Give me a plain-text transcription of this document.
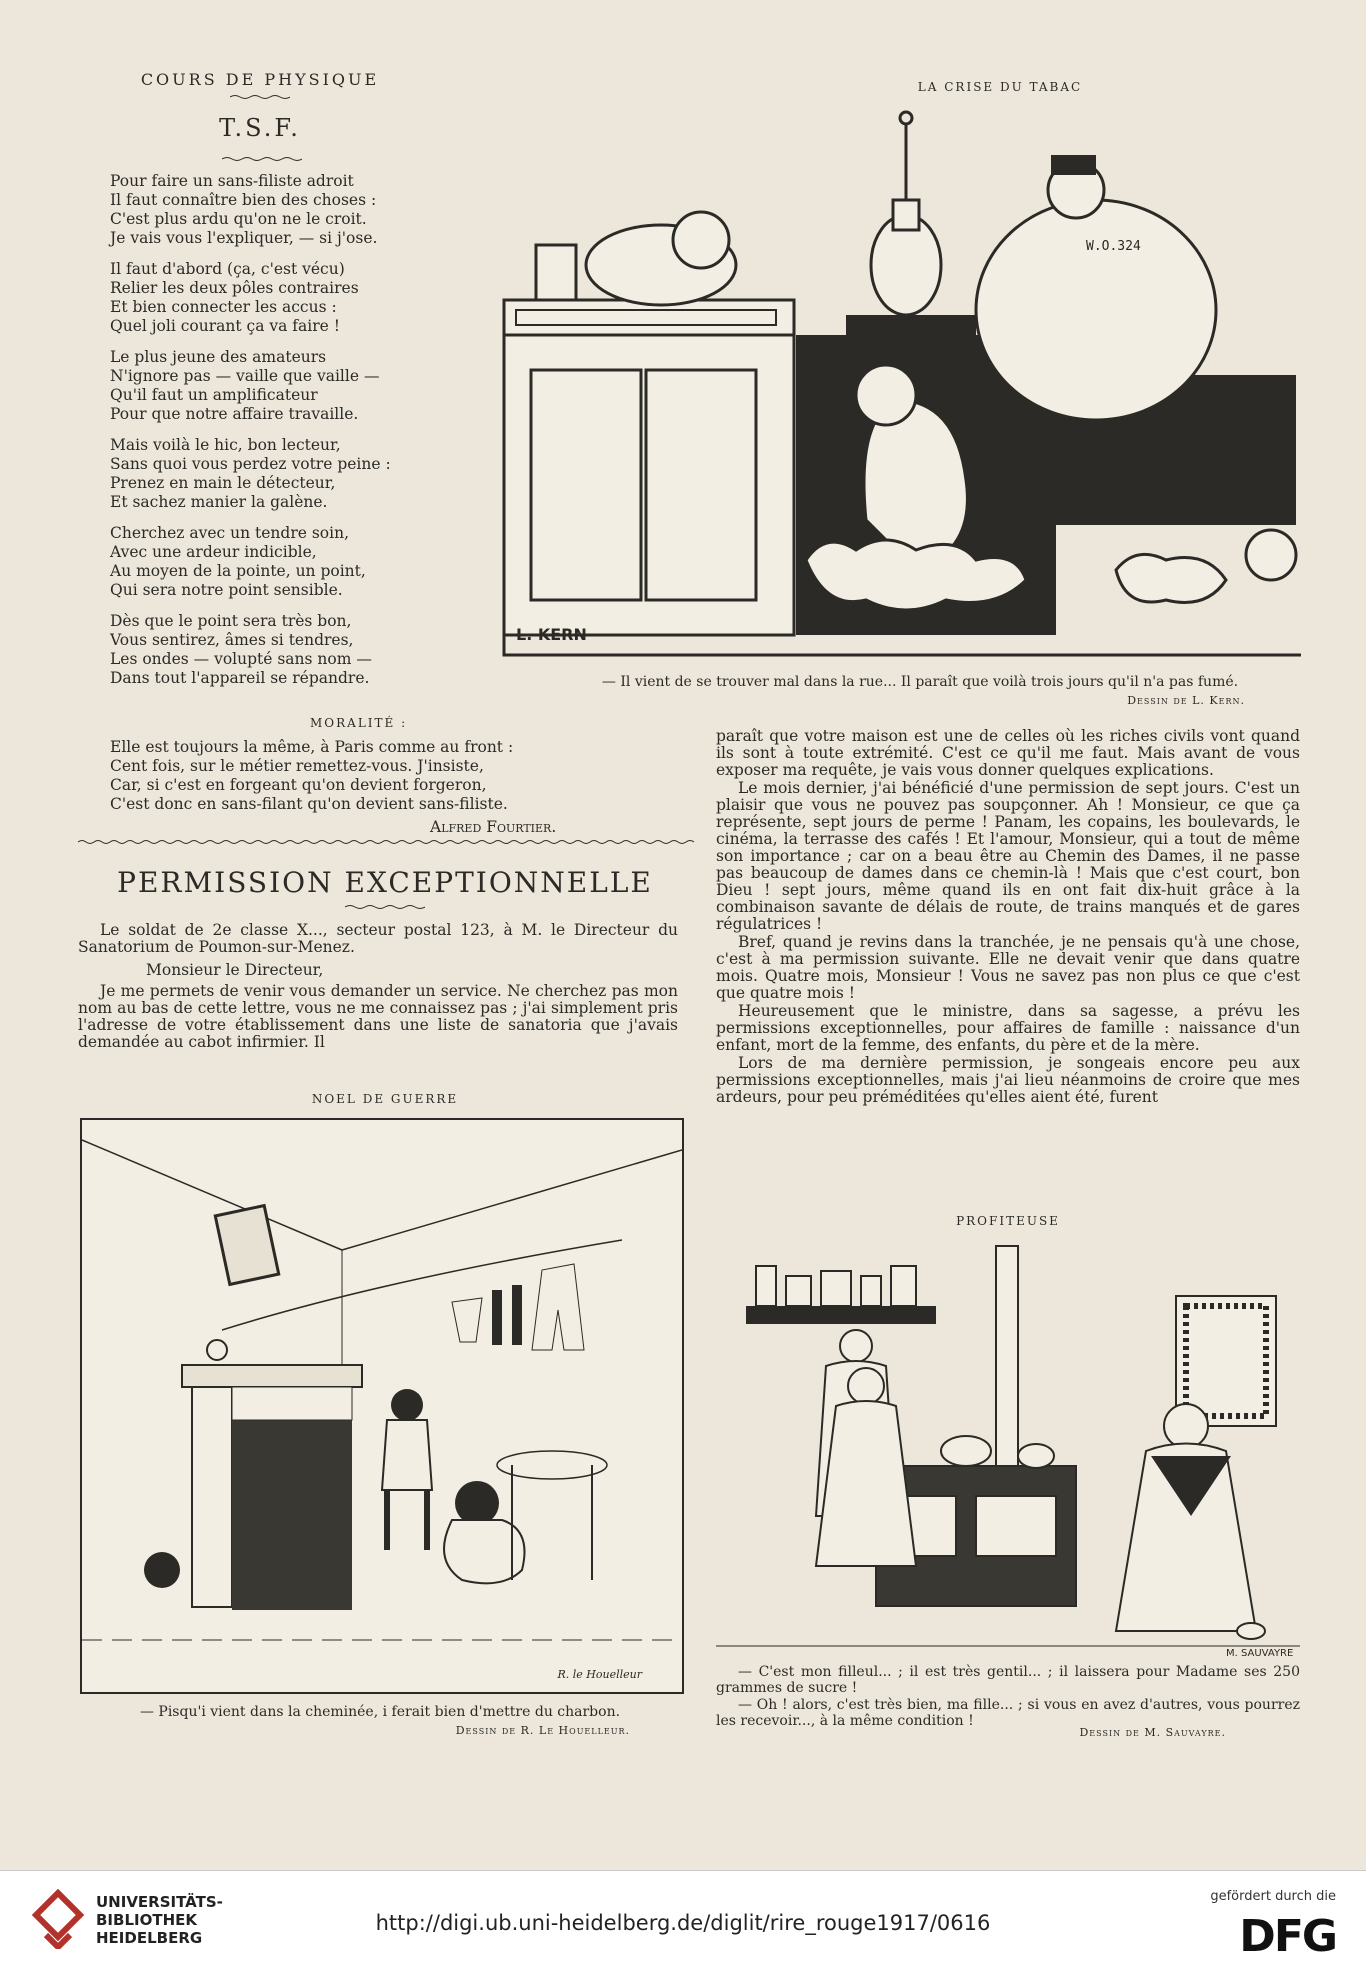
COURS DE PHYSIQUE
T.S.F.
Pour faire un sans-filiste adroit
Il faut connaître bien des choses :
C'est plus ardu qu'on ne le croit.
Je vais vous l'expliquer, — si j'ose.
Il faut d'abord (ça, c'est vécu)
Relier les deux pôles contraires
Et bien connecter les accus :
Quel joli courant ça va faire !
Le plus jeune des amateurs
N'ignore pas — vaille que vaille —
Qu'il faut un amplificateur
Pour que notre affaire travaille.
Mais voilà le hic, bon lecteur,
Sans quoi vous perdez votre peine :
Prenez en main le détecteur,
Et sachez manier la galène.
Cherchez avec un tendre soin,
Avec une ardeur indicible,
Au moyen de la pointe, un point,
Qui sera notre point sensible.
Dès que le point sera très bon,
Vous sentirez, âmes si tendres,
Les ondes — volupté sans nom —
Dans tout l'appareil se répandre.
MORALITÉ :
Elle est toujours la même, à Paris comme au front :
Cent fois, sur le métier remettez-vous. J'insiste,
Car, si c'est en forgeant qu'on devient forgeron,
C'est donc en sans-filant qu'on devient sans-filiste.
Alfred Fourtier.
PERMISSION EXCEPTIONNELLE

Le soldat de 2e classe X..., secteur postal 123, à M. le Directeur du Sanatorium de Poumon-sur-Menez.

Monsieur le Directeur,

Je me permets de venir vous demander un service. Ne cherchez pas mon nom au bas de cette lettre, vous ne me connaissez pas ; j'ai simplement pris l'adresse de votre établissement dans une liste de sanatoria que j'avais demandée au cabot infirmier. Il

NOEL DE GUERRE
R. le Houelleur
— Pisqu'i vient dans la cheminée, i ferait bien d'mettre du charbon.
Dessin de R. Le Houelleur.
LA CRISE DU TABAC
W.O.324
L. KERN
— Il vient de se trouver mal dans la rue... Il paraît que voilà trois jours qu'il n'a pas fumé.
Dessin de L. Kern.

paraît que votre maison est une de celles où les riches civils vont quand ils sont à toute extrémité. C'est ce qu'il me faut. Mais avant de vous exposer ma requête, je vais vous donner quelques explications.

Le mois dernier, j'ai bénéficié d'une permission de sept jours. C'est un plaisir que vous ne pouvez pas soupçonner. Ah ! Monsieur, ce que ça représente, sept jours de perme ! Panam, les copains, les boulevards, le cinéma, la terrasse des cafés ! Et l'amour, Monsieur, qui a tout de même son importance ; car on a beau être au Chemin des Dames, il ne passe pas beaucoup de dames dans ce chemin-là ! Mais que c'est court, bon Dieu ! sept jours, même quand ils en ont fait dix-huit grâce à la combinaison savante de délais de route, de trains manqués et de gares régulatrices !

Bref, quand je revins dans la tranchée, je ne pensais qu'à une chose, c'est à ma permission suivante. Elle ne devait venir que dans quatre mois. Quatre mois, Monsieur ! Vous ne savez pas non plus ce que c'est que quatre mois !

Heureusement que le ministre, dans sa sagesse, a prévu les permissions exceptionnelles, pour affaires de famille : naissance d'un enfant, mort de la femme, des enfants, du père et de la mère.

Lors de ma dernière permission, je songeais encore peu aux permissions exceptionnelles, mais j'ai lieu néanmoins de croire que mes ardeurs, pour peu préméditées qu'elles aient été, furent

PROFITEUSE
M. SAUVAYRE

— C'est mon filleul... ; il est très gentil... ; il laissera pour Madame ses 250 grammes de sucre !

— Oh ! alors, c'est très bien, ma fille... ; si vous en avez d'autres, vous pourrez les recevoir..., à la même condition !

Dessin de M. Sauvayre.
UNIVERSITÄTS-
BIBLIOTHEK
HEIDELBERG
http://digi.ub.uni-heidelberg.de/diglit/rire_rouge1917/0616
gefördert durch die
DFG
